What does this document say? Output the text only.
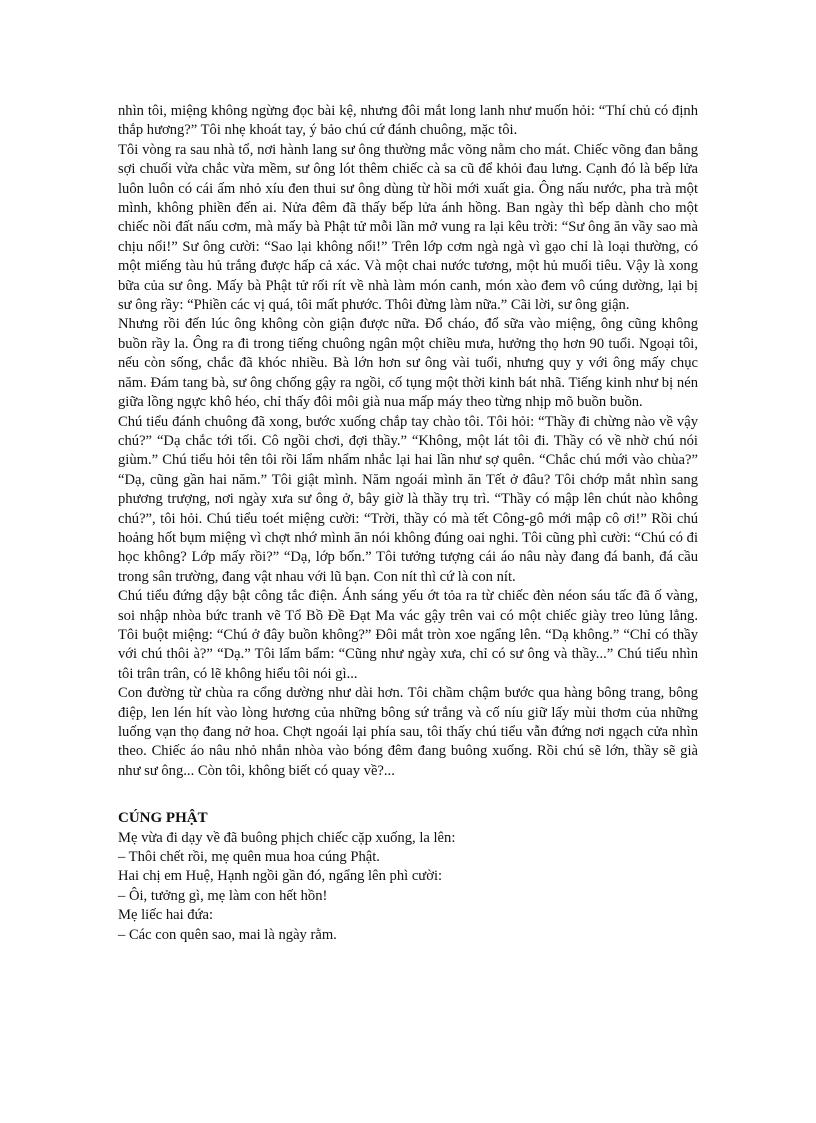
nhìn tôi, miệng không ngừng đọc bài kệ, nhưng đôi mắt long lanh như muốn hỏi: “Thí chủ có định thắp hương?” Tôi nhẹ khoát tay, ý bảo chú cứ đánh chuông, mặc tôi.

Tôi vòng ra sau nhà tổ, nơi hành lang sư ông thường mắc võng nằm cho mát. Chiếc võng đan bằng sợi chuối vừa chắc vừa mềm, sư ông lót thêm chiếc cà sa cũ để khỏi đau lưng. Cạnh đó là bếp lửa luôn luôn có cái ấm nhỏ xíu đen thui sư ông dùng từ hồi mới xuất gia. Ông nấu nước, pha trà một mình, không phiền đến ai. Nửa đêm đã thấy bếp lửa ánh hồng. Ban ngày thì bếp dành cho một chiếc nồi đất nấu cơm, mà mấy bà Phật tử mỗi lần mở vung ra lại kêu trời: “Sư ông ăn vầy sao mà chịu nổi!” Sư ông cười: “Sao lại không nổi!” Trên lớp cơm ngà ngà vì gạo chỉ là loại thường, có một miếng tàu hủ trắng được hấp cả xác. Và một chai nước tương, một hủ muối tiêu. Vậy là xong bữa của sư ông. Mấy bà Phật tử rối rít về nhà làm món canh, món xào đem vô cúng dường, lại bị sư ông rầy: “Phiền các vị quá, tôi mất phước. Thôi đừng làm nữa.” Cãi lời, sư ông giận.

Nhưng rồi đến lúc ông không còn giận được nữa. Đổ cháo, đổ sữa vào miệng, ông cũng không buồn rầy la. Ông ra đi trong tiếng chuông ngân một chiều mưa, hưởng thọ hơn 90 tuổi. Ngoại tôi, nếu còn sống, chắc đã khóc nhiều. Bà lớn hơn sư ông vài tuổi, nhưng quy y với ông mấy chục năm. Đám tang bà, sư ông chống gậy ra ngồi, cố tụng một thời kinh bát nhã. Tiếng kinh như bị nén giữa lồng ngực khô héo, chỉ thấy đôi môi già nua mấp máy theo từng nhịp mõ buồn buồn.

Chú tiểu đánh chuông đã xong, bước xuống chắp tay chào tôi. Tôi hỏi: “Thầy đi chừng nào về vậy chú?” “Dạ chắc tới tối. Cô ngồi chơi, đợi thầy.” “Không, một lát tôi đi. Thầy có về nhờ chú nói giùm.” Chú tiểu hỏi tên tôi rồi lẩm nhẩm nhắc lại hai lần như sợ quên. “Chắc chú mới vào chùa?” “Dạ, cũng gần hai năm.” Tôi giật mình. Năm ngoái mình ăn Tết ở đâu? Tôi chớp mắt nhìn sang phương trượng, nơi ngày xưa sư ông ở, bây giờ là thầy trụ trì. “Thầy có mập lên chút nào không chú?”, tôi hỏi. Chú tiểu toét miệng cười: “Trời, thầy có mà tết Công-gô mới mập cô ơi!” Rồi chú hoảng hốt bụm miệng vì chợt nhớ mình ăn nói không đúng oai nghi. Tôi cũng phì cười: “Chú có đi học không? Lớp mấy rồi?” “Dạ, lớp bốn.” Tôi tưởng tượng cái áo nâu này đang đá banh, đá cầu trong sân trường, đang vật nhau với lũ bạn. Con nít thì cứ là con nít.

Chú tiểu đứng dậy bật công tắc điện. Ánh sáng yếu ớt tỏa ra từ chiếc đèn néon sáu tấc đã ố vàng, soi nhập nhòa bức tranh vẽ Tổ Bồ Đề Đạt Ma vác gậy trên vai có một chiếc giày treo lủng lẳng. Tôi buột miệng: “Chú ở đây buồn không?” Đôi mắt tròn xoe ngẩng lên. “Dạ không.” “Chỉ có thầy với chú thôi à?” “Dạ.” Tôi lẩm bẩm: “Cũng như ngày xưa, chỉ có sư ông và thầy...” Chú tiểu nhìn tôi trân trân, có lẽ không hiểu tôi nói gì...

Con đường từ chùa ra cổng dường như dài hơn. Tôi chầm chậm bước qua hàng bông trang, bông điệp, len lén hít vào lòng hương của những bông sứ trắng và cố níu giữ lấy mùi thơm của những luống vạn thọ đang nở hoa. Chợt ngoái lại phía sau, tôi thấy chú tiểu vẫn đứng nơi ngạch cửa nhìn theo. Chiếc áo nâu nhỏ nhắn nhòa vào bóng đêm đang buông xuống. Rồi chú sẽ lớn, thầy sẽ già như sư ông... Còn tôi, không biết có quay về?...

CÚNG PHẬT

Mẹ vừa đi dạy về đã buông phịch chiếc cặp xuống, la lên:

– Thôi chết rồi, mẹ quên mua hoa cúng Phật.

Hai chị em Huệ, Hạnh ngồi gần đó, ngẩng lên phì cười:

– Ôi, tưởng gì, mẹ làm con hết hồn!

Mẹ liếc hai đứa:

– Các con quên sao, mai là ngày rằm.
